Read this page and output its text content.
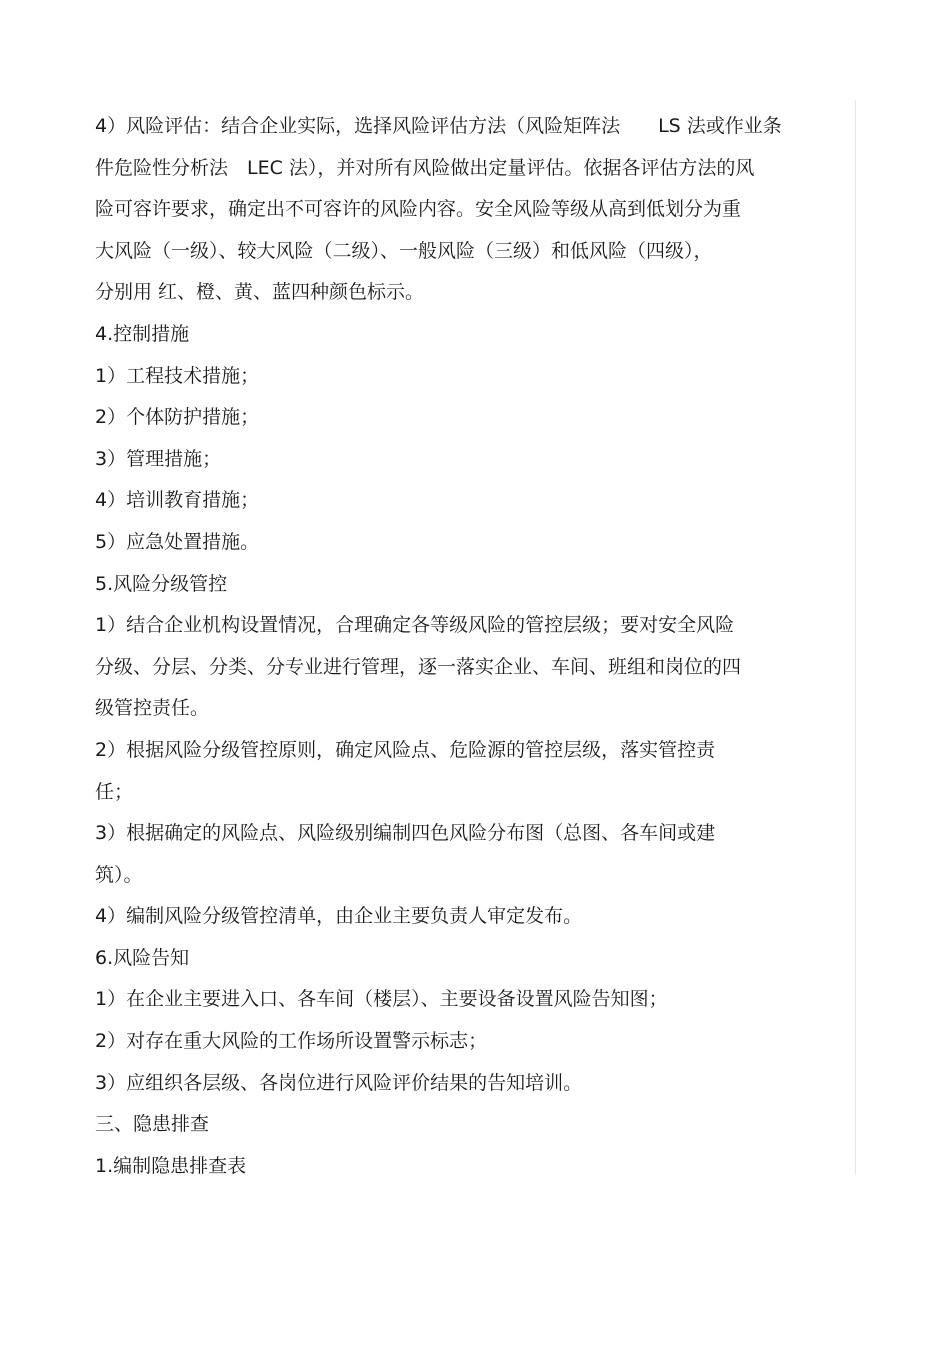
4）风险评估：结合企业实际，选择风险评估方法（风险矩阵法　　LS 法或作业条
件危险性分析法　LEC 法），并对所有风险做出定量评估。依据各评估方法的风
险可容许要求，确定出不可容许的风险内容。安全风险等级从高到低划分为重
大风险（一级）、较大风险（二级）、一般风险（三级）和低风险（四级），
分别用 红、橙、黄、蓝四种颜色标示。
4.控制措施
1）工程技术措施；
2）个体防护措施；
3）管理措施；
4）培训教育措施；
5）应急处置措施。
5.风险分级管控
1）结合企业机构设置情况，合理确定各等级风险的管控层级；要对安全风险
分级、分层、分类、分专业进行管理，逐一落实企业、车间、班组和岗位的四
级管控责任。
2）根据风险分级管控原则，确定风险点、危险源的管控层级，落实管控责
任；
3）根据确定的风险点、风险级别编制四色风险分布图（总图、各车间或建
筑）。
4）编制风险分级管控清单，由企业主要负责人审定发布。
6.风险告知
1）在企业主要进入口、各车间（楼层）、主要设备设置风险告知图；
2）对存在重大风险的工作场所设置警示标志；
3）应组织各层级、各岗位进行风险评价结果的告知培训。
三、隐患排查
1.编制隐患排查表
